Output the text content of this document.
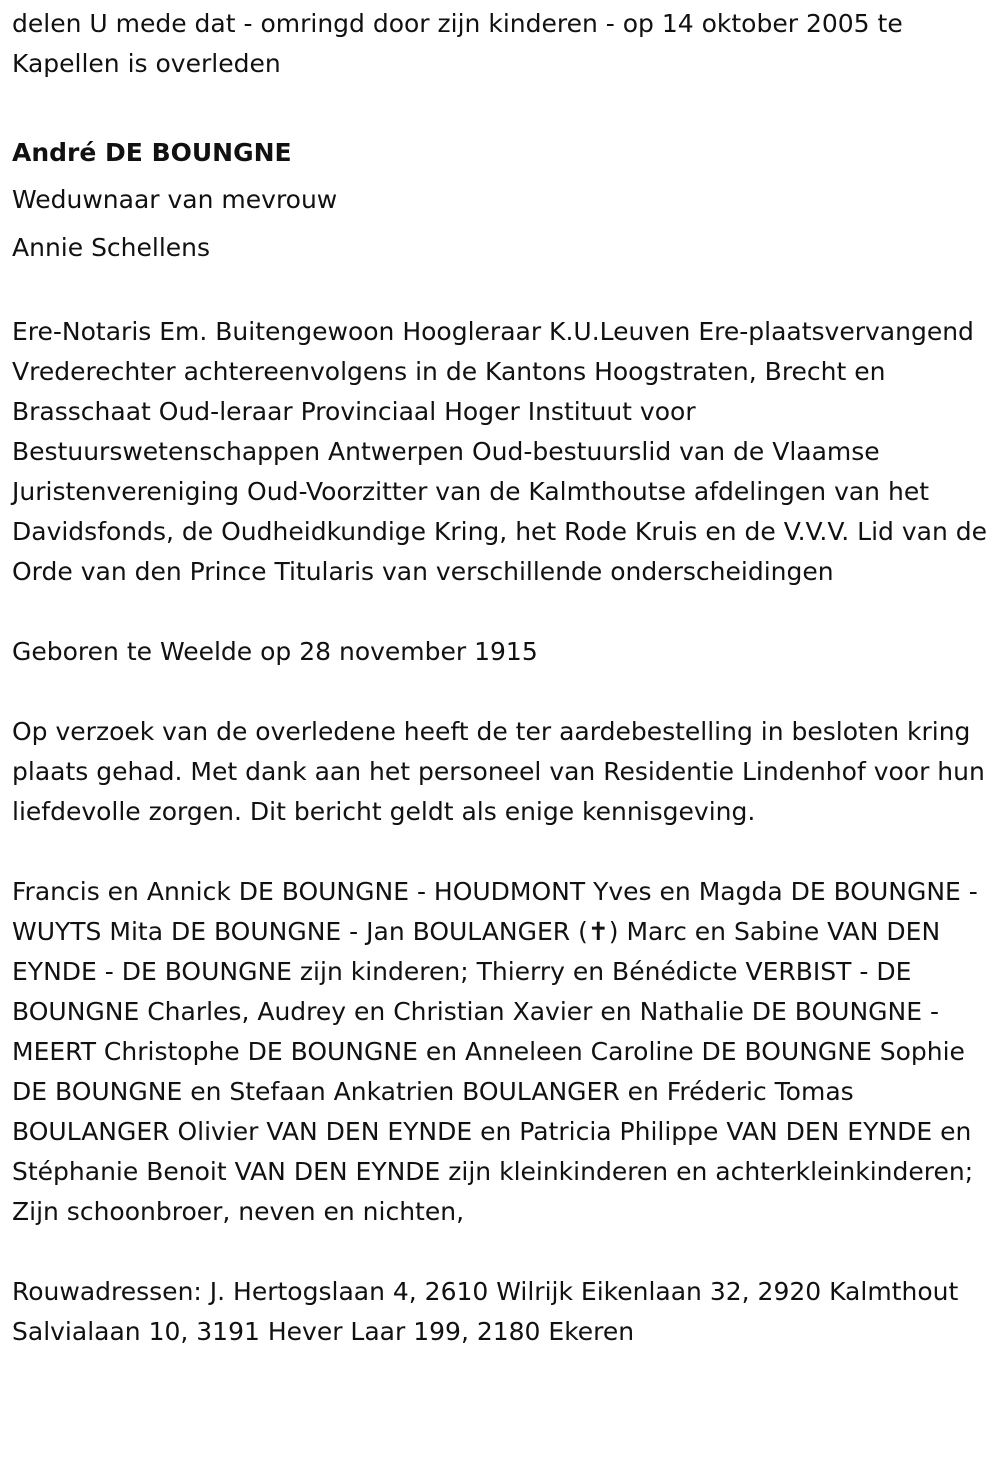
delen U mede dat - omringd door zijn kinderen - op 14 oktober 2005 te Kapellen is overleden

André DE BOUNGNE

Weduwnaar van mevrouw

Annie Schellens

Ere-Notaris Em. Buitengewoon Hoogleraar K.U.Leuven Ere-plaatsvervangend Vrederechter achtereenvolgens in de Kantons Hoogstraten, Brecht en Brasschaat Oud-leraar Provinciaal Hoger Instituut voor Bestuurswetenschappen Antwerpen Oud-bestuurslid van de Vlaamse Juristenvereniging Oud-Voorzitter van de Kalmthoutse afdelingen van het Davidsfonds, de Oudheidkundige Kring, het Rode Kruis en de V.V.V. Lid van de Orde van den Prince Titularis van verschillende onderscheidingen

Geboren te Weelde op 28 november 1915

Op verzoek van de overledene heeft de ter aardebestelling in besloten kring plaats gehad. Met dank aan het personeel van Residentie Lindenhof voor hun liefdevolle zorgen. Dit bericht geldt als enige kennisgeving.

Francis en Annick DE BOUNGNE - HOUDMONT Yves en Magda DE BOUNGNE - WUYTS Mita DE BOUNGNE - Jan BOULANGER (✝) Marc en Sabine VAN DEN EYNDE - DE BOUNGNE zijn kinderen; Thierry en Bénédicte VERBIST - DE BOUNGNE Charles, Audrey en Christian Xavier en Nathalie DE BOUNGNE - MEERT Christophe DE BOUNGNE en Anneleen Caroline DE BOUNGNE Sophie DE BOUNGNE en Stefaan Ankatrien BOULANGER en Fréderic Tomas BOULANGER Olivier VAN DEN EYNDE en Patricia Philippe VAN DEN EYNDE en Stéphanie Benoit VAN DEN EYNDE zijn kleinkinderen en achterkleinkinderen; Zijn schoonbroer, neven en nichten,

Rouwadressen: J. Hertogslaan 4, 2610 Wilrijk Eikenlaan 32, 2920 Kalmthout Salvialaan 10, 3191 Hever Laar 199, 2180 Ekeren
